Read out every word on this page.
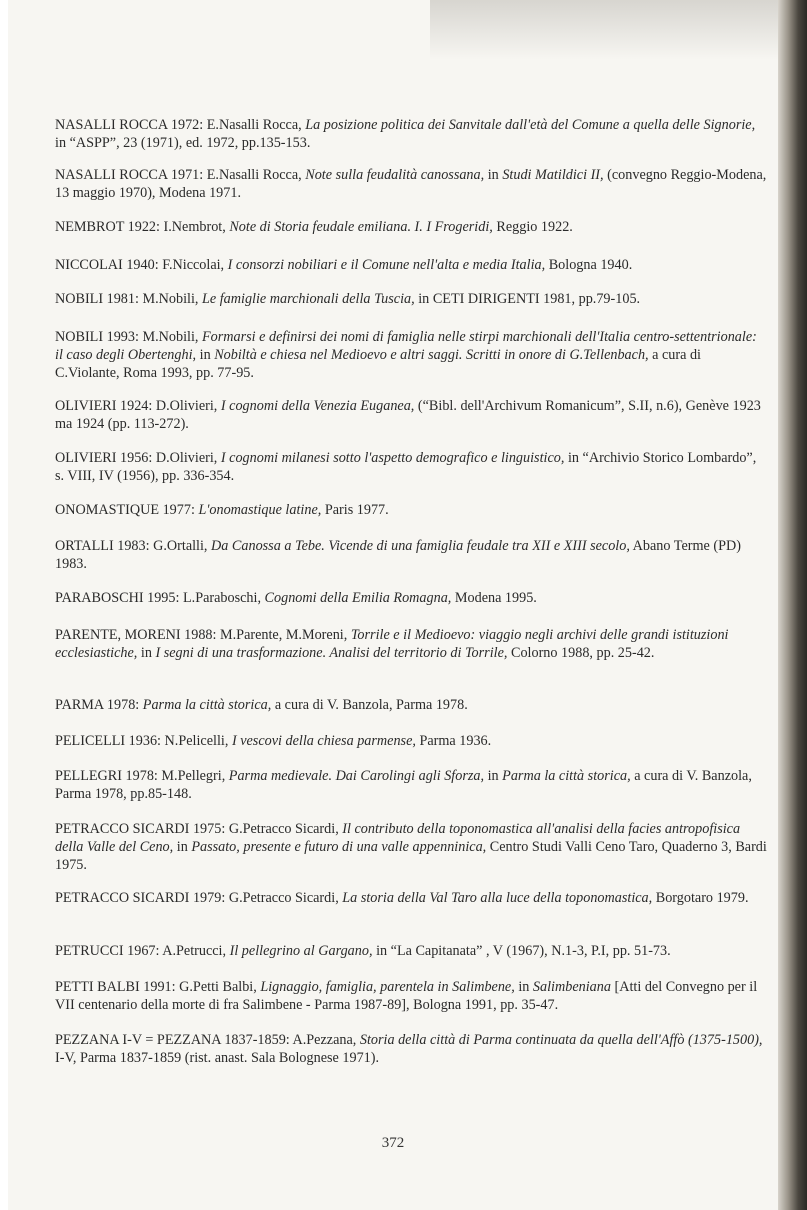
NASALLI ROCCA 1972: E.Nasalli Rocca, La posizione politica dei Sanvitale dall'età del Comune a quella delle Signorie, in “ASPP”, 23 (1971), ed. 1972, pp.135-153.

NASALLI ROCCA 1971: E.Nasalli Rocca, Note sulla feudalità canossana, in Studi Matildici II, (convegno Reggio-Modena, 13 maggio 1970), Modena 1971.

NEMBROT 1922: I.Nembrot, Note di Storia feudale emiliana. I. I Frogeridi, Reggio 1922.

NICCOLAI 1940: F.Niccolai, I consorzi nobiliari e il Comune nell'alta e media Italia, Bologna 1940.

NOBILI 1981: M.Nobili, Le famiglie marchionali della Tuscia, in CETI DIRIGENTI 1981, pp.79-105.

NOBILI 1993: M.Nobili, Formarsi e definirsi dei nomi di famiglia nelle stirpi marchionali dell'Italia centro-settentrionale: il caso degli Obertenghi, in Nobiltà e chiesa nel Medioevo e altri saggi. Scritti in onore di G.Tellenbach, a cura di C.Violante, Roma 1993, pp. 77-95.

OLIVIERI 1924: D.Olivieri, I cognomi della Venezia Euganea, (“Bibl. dell'Archivum Romanicum”, S.II, n.6), Genève 1923 ma 1924 (pp. 113-272).

OLIVIERI 1956: D.Olivieri, I cognomi milanesi sotto l'aspetto demografico e linguistico, in “Archivio Storico Lombardo”, s. VIII, IV (1956), pp. 336-354.

ONOMASTIQUE 1977: L'onomastique latine, Paris 1977.

ORTALLI 1983: G.Ortalli, Da Canossa a Tebe. Vicende di una famiglia feudale tra XII e XIII secolo, Abano Terme (PD) 1983.

PARABOSCHI 1995: L.Paraboschi, Cognomi della Emilia Romagna, Modena 1995.

PARENTE, MORENI 1988: M.Parente, M.Moreni, Torrile e il Medioevo: viaggio negli archivi delle grandi istituzioni ecclesiastiche, in I segni di una trasformazione. Analisi del territorio di Torrile, Colorno 1988, pp. 25-42.

PARMA 1978: Parma la città storica, a cura di V. Banzola, Parma 1978.

PELICELLI 1936: N.Pelicelli, I vescovi della chiesa parmense, Parma 1936.

PELLEGRI 1978: M.Pellegri, Parma medievale. Dai Carolingi agli Sforza, in Parma la città storica, a cura di V. Banzola, Parma 1978, pp.85-148.

PETRACCO SICARDI 1975: G.Petracco Sicardi, Il contributo della toponomastica all'analisi della facies antropofisica della Valle del Ceno, in Passato, presente e futuro di una valle appenninica, Centro Studi Valli Ceno Taro, Quaderno 3, Bardi 1975.

PETRACCO SICARDI 1979: G.Petracco Sicardi, La storia della Val Taro alla luce della toponomastica, Borgotaro 1979.

PETRUCCI 1967: A.Petrucci, Il pellegrino al Gargano, in “La Capitanata” , V (1967), N.1-3, P.I, pp. 51-73.

PETTI BALBI 1991: G.Petti Balbi, Lignaggio, famiglia, parentela in Salimbene, in Salimbeniana [Atti del Convegno per il VII centenario della morte di fra Salimbene - Parma 1987-89], Bologna 1991, pp. 35-47.

PEZZANA I-V = PEZZANA 1837-1859: A.Pezzana, Storia della città di Parma continuata da quella dell'Affò (1375-1500), I-V, Parma 1837-1859 (rist. anast. Sala Bolognese 1971).

372
